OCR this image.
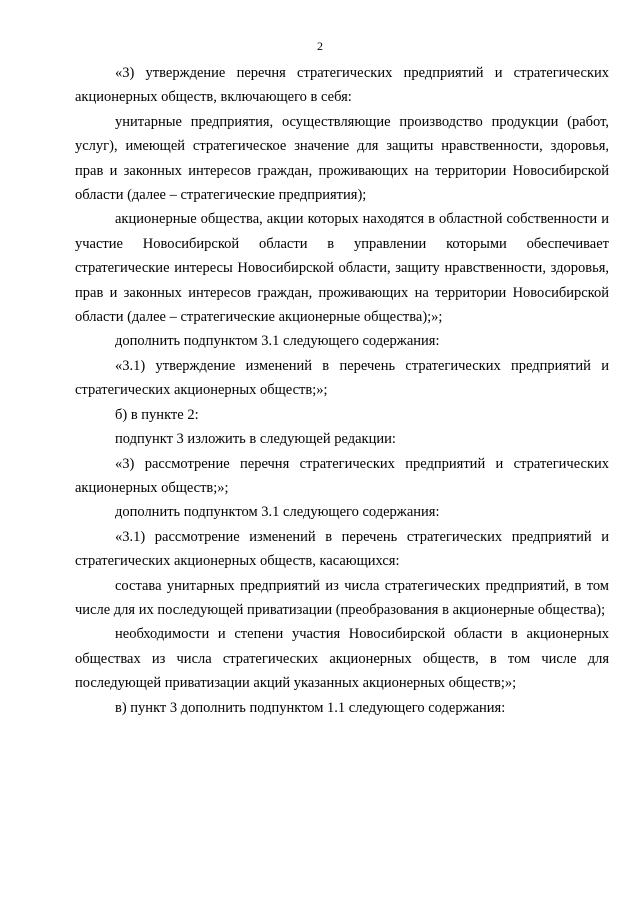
2

«3) утверждение перечня стратегических предприятий и стратегических акционерных обществ, включающего в себя:

унитарные предприятия, осуществляющие производство продукции (работ, услуг), имеющей стратегическое значение для защиты нравственности, здоровья, прав и законных интересов граждан, проживающих на территории Новосибирской области (далее – стратегические предприятия);

акционерные общества, акции которых находятся в областной собственности и участие Новосибирской области в управлении которыми обеспечивает стратегические интересы Новосибирской области, защиту нравственности, здоровья, прав и законных интересов граждан, проживающих на территории Новосибирской области (далее – стратегические акционерные общества);»;

дополнить подпунктом 3.1 следующего содержания:

«3.1) утверждение изменений в перечень стратегических предприятий и стратегических акционерных обществ;»;

б) в пункте 2:

подпункт 3 изложить в следующей редакции:

«3) рассмотрение перечня стратегических предприятий и стратегических акционерных обществ;»;

дополнить подпунктом 3.1 следующего содержания:

«3.1) рассмотрение изменений в перечень стратегических предприятий и стратегических акционерных обществ, касающихся:

состава унитарных предприятий из числа стратегических предприятий, в том числе для их последующей приватизации (преобразования в акционерные общества);

необходимости и степени участия Новосибирской области в акционерных обществах из числа стратегических акционерных обществ, в том числе для последующей приватизации акций указанных акционерных обществ;»;

в) пункт 3 дополнить подпунктом 1.1 следующего содержания:
